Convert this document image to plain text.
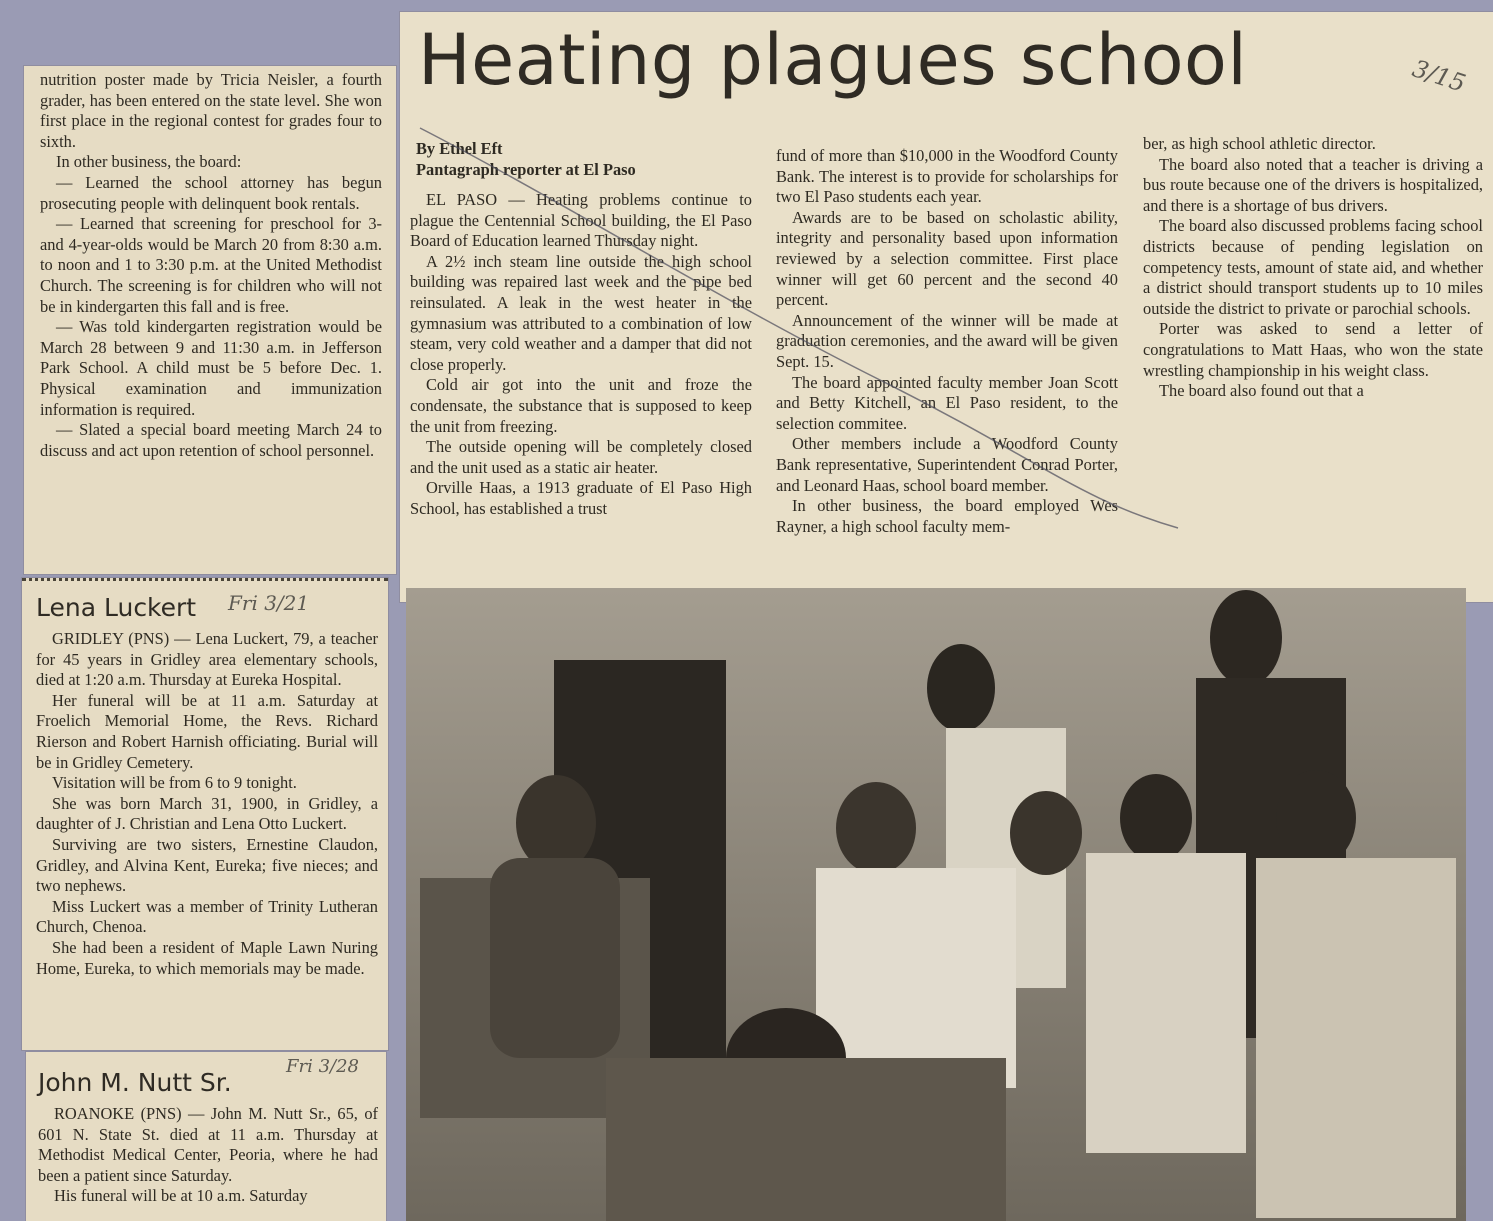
nutrition poster made by Tricia Neisler, a fourth grader, has been entered on the state level. She won first place in the regional contest for grades four to sixth.

In other business, the board:

— Learned the school attorney has begun prosecuting people with delinquent book rentals.

— Learned that screening for preschool for 3- and 4-year-olds would be March 20 from 8:30 a.m. to noon and 1 to 3:30 p.m. at the United Methodist Church. The screening is for children who will not be in kindergarten this fall and is free.

— Was told kindergarten registration would be March 28 between 9 and 11:30 a.m. in Jefferson Park School. A child must be 5 before Dec. 1. Physical examination and immunization information is required.

— Slated a special board meeting March 24 to discuss and act upon retention of school personnel.

Heating plagues school	3/15
By Ethel Eft
Pantagraph reporter at El Paso

EL PASO — Heating problems continue to plague the Centennial School building, the El Paso Board of Education learned Thursday night.

A 2½ inch steam line outside the high school building was repaired last week and the pipe bed reinsulated. A leak in the west heater in the gymnasium was attributed to a combination of low steam, very cold weather and a damper that did not close properly.

Cold air got into the unit and froze the condensate, the substance that is supposed to keep the unit from freezing.

The outside opening will be completely closed and the unit used as a static air heater.

Orville Haas, a 1913 graduate of El Paso High School, has established a trust

fund of more than $10,000 in the Woodford County Bank. The interest is to provide for scholarships for two El Paso students each year.

Awards are to be based on scholastic ability, integrity and personality based upon information reviewed by a selection committee. First place winner will get 60 percent and the second 40 percent.

Announcement of the winner will be made at graduation ceremonies, and the award will be given Sept. 15.

The board appointed faculty member Joan Scott and Betty Kitchell, an El Paso resident, to the selection commitee.

Other members include a Woodford County Bank representative, Superintendent Conrad Porter, and Leonard Haas, school board member.

In other business, the board employed Wes Rayner, a high school faculty mem-

ber, as high school athletic director.

The board also noted that a teacher is driving a bus route because one of the drivers is hospitalized, and there is a shortage of bus drivers.

The board also discussed problems facing school districts because of pending legislation on competency tests, amount of state aid, and whether a district should transport students up to 10 miles outside the district to private or parochial schools.

Porter was asked to send a letter of congratulations to Matt Haas, who won the state wrestling championship in his weight class.

The board also found out that a

Lena Luckert Fri 3/21

GRIDLEY (PNS) — Lena Luckert, 79, a teacher for 45 years in Gridley area elementary schools, died at 1:20 a.m. Thursday at Eureka Hospital.

Her funeral will be at 11 a.m. Saturday at Froelich Memorial Home, the Revs. Richard Rierson and Robert Harnish officiating. Burial will be in Gridley Cemetery.

Visitation will be from 6 to 9 tonight.

She was born March 31, 1900, in Gridley, a daughter of J. Christian and Lena Otto Luckert.

Surviving are two sisters, Ernestine Claudon, Gridley, and Alvina Kent, Eureka; five nieces; and two nephews.

Miss Luckert was a member of Trinity Lutheran Church, Chenoa.

She had been a resident of Maple Lawn Nuring Home, Eureka, to which memorials may be made.

John M. Nutt Sr.
Fri 3/28

ROANOKE (PNS) — John M. Nutt Sr., 65, of 601 N. State St. died at 11 a.m. Thursday at Methodist Medical Center, Peoria, where he had been a patient since Saturday.

His funeral will be at 10 a.m. Saturday
